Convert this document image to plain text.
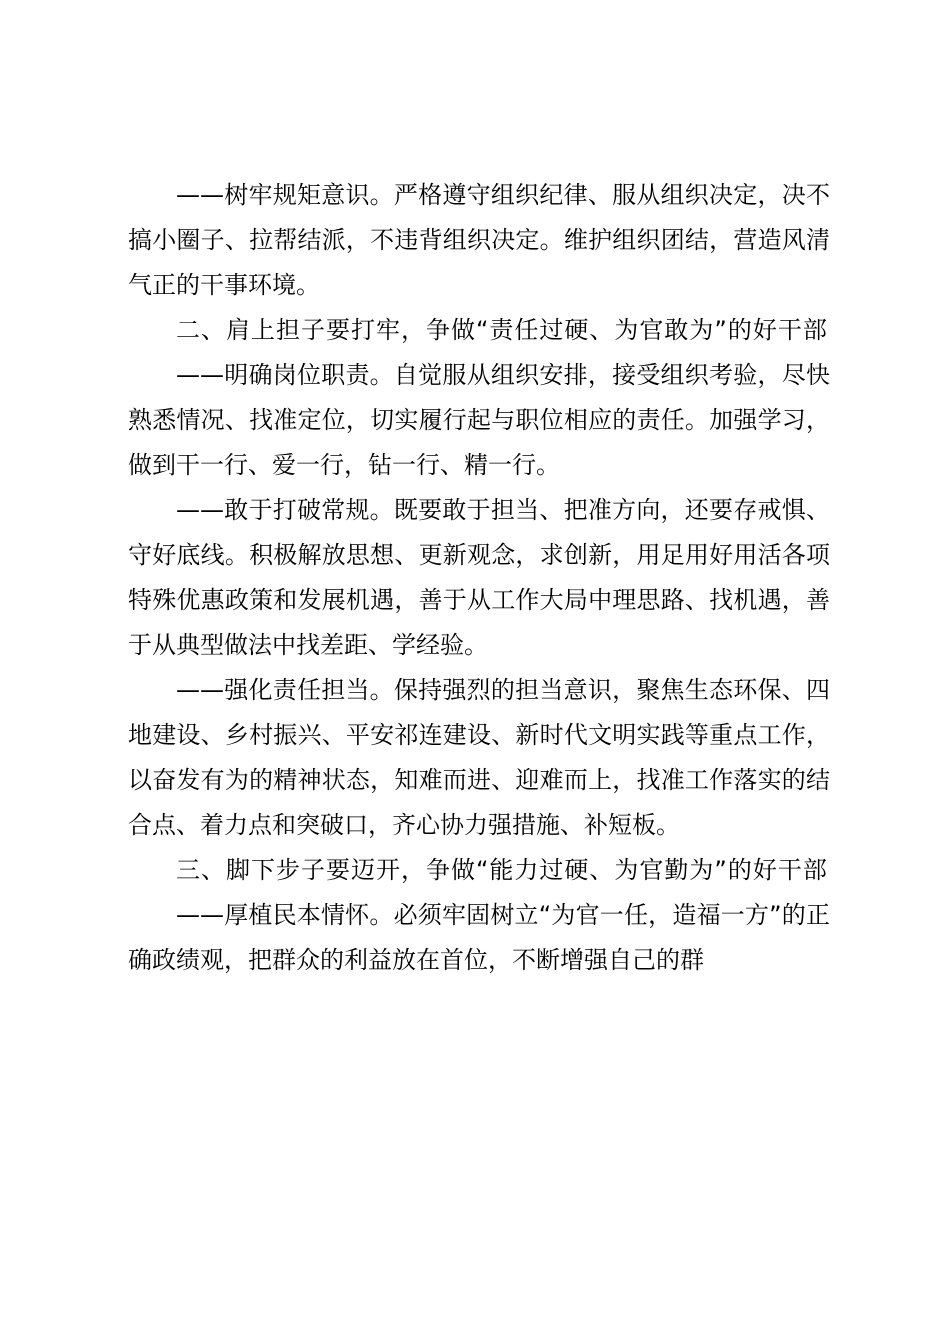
——树牢规矩意识。严格遵守组织纪律、服从组织决定，决不搞小圈子、拉帮结派，不违背组织决定。维护组织团结，营造风清气正的干事环境。

二、肩上担子要打牢，争做“责任过硬、为官敢为”的好干部

——明确岗位职责。自觉服从组织安排，接受组织考验，尽快熟悉情况、找准定位，切实履行起与职位相应的责任。加强学习，做到干一行、爱一行，钻一行、精一行。

——敢于打破常规。既要敢于担当、把准方向，还要存戒惧、守好底线。积极解放思想、更新观念，求创新，用足用好用活各项特殊优惠政策和发展机遇，善于从工作大局中理思路、找机遇，善于从典型做法中找差距、学经验。

——强化责任担当。保持强烈的担当意识，聚焦生态环保、四地建设、乡村振兴、平安祁连建设、新时代文明实践等重点工作，以奋发有为的精神状态，知难而进、迎难而上，找准工作落实的结合点、着力点和突破口，齐心协力强措施、补短板。

三、脚下步子要迈开，争做“能力过硬、为官勤为”的好干部

——厚植民本情怀。必须牢固树立“为官一任，造福一方”的正确政绩观，把群众的利益放在首位，不断增强自己的群
